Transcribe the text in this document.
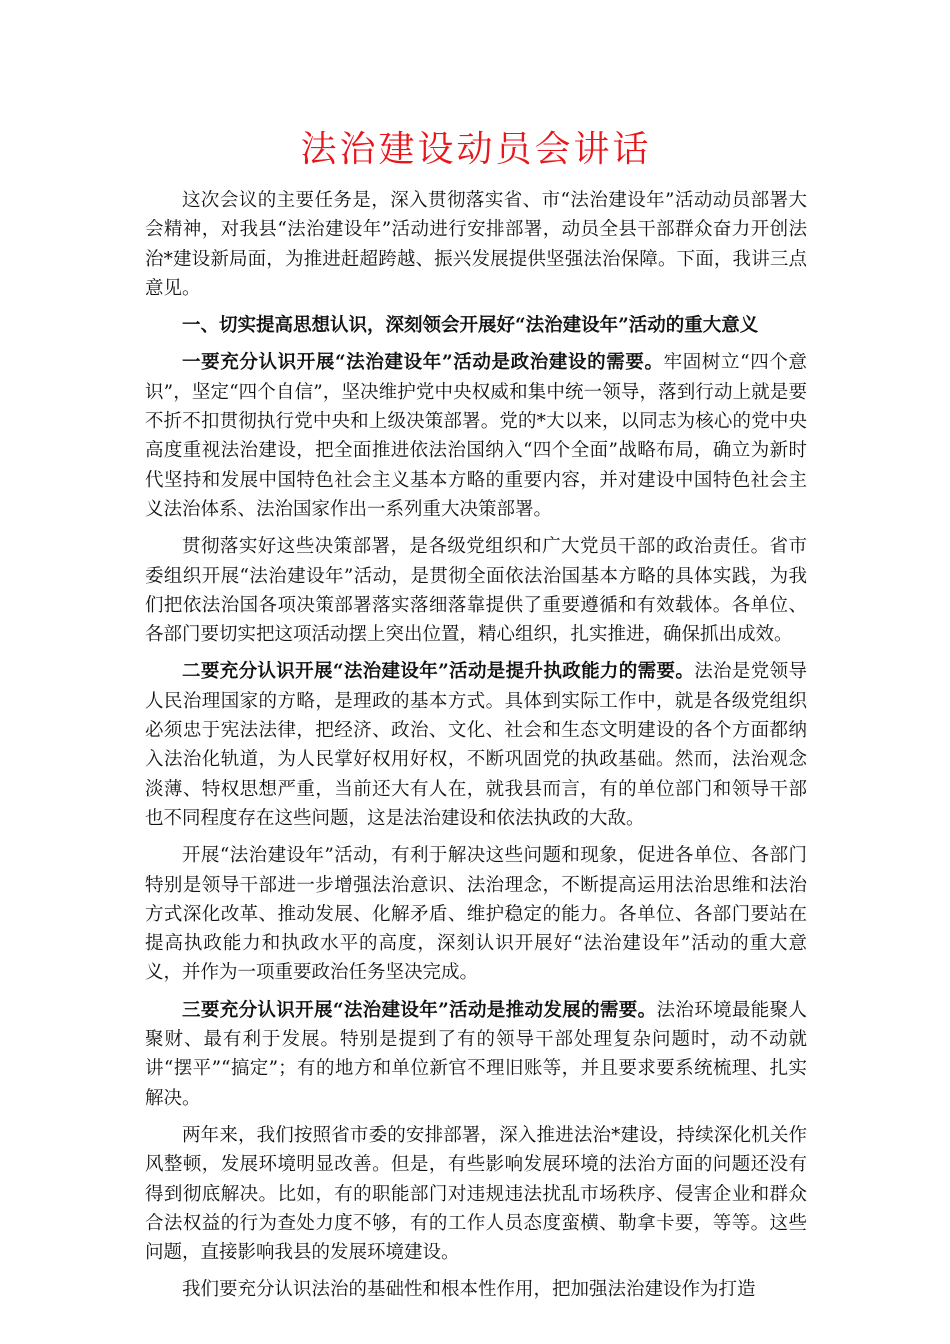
法治建设动员会讲话

这次会议的主要任务是，深入贯彻落实省、市“法治建设年”活动动员部署大会精神，对我县“法治建设年”活动进行安排部署，动员全县干部群众奋力开创法治*建设新局面，为推进赶超跨越、振兴发展提供坚强法治保障。下面，我讲三点意见。

一、切实提高思想认识，深刻领会开展好“法治建设年”活动的重大意义

一要充分认识开展“法治建设年”活动是政治建设的需要。牢固树立“四个意识”，坚定“四个自信”，坚决维护党中央权威和集中统一领导，落到行动上就是要不折不扣贯彻执行党中央和上级决策部署。党的*大以来，以同志为核心的党中央高度重视法治建设，把全面推进依法治国纳入“四个全面”战略布局，确立为新时代坚持和发展中国特色社会主义基本方略的重要内容，并对建设中国特色社会主义法治体系、法治国家作出一系列重大决策部署。

贯彻落实好这些决策部署，是各级党组织和广大党员干部的政治责任。省市委组织开展“法治建设年”活动，是贯彻全面依法治国基本方略的具体实践，为我们把依法治国各项决策部署落实落细落靠提供了重要遵循和有效载体。各单位、各部门要切实把这项活动摆上突出位置，精心组织，扎实推进，确保抓出成效。

二要充分认识开展“法治建设年”活动是提升执政能力的需要。法治是党领导人民治理国家的方略，是理政的基本方式。具体到实际工作中，就是各级党组织必须忠于宪法法律，把经济、政治、文化、社会和生态文明建设的各个方面都纳入法治化轨道，为人民掌好权用好权，不断巩固党的执政基础。然而，法治观念淡薄、特权思想严重，当前还大有人在，就我县而言，有的单位部门和领导干部也不同程度存在这些问题，这是法治建设和依法执政的大敌。

开展“法治建设年”活动，有利于解决这些问题和现象，促进各单位、各部门特别是领导干部进一步增强法治意识、法治理念，不断提高运用法治思维和法治方式深化改革、推动发展、化解矛盾、维护稳定的能力。各单位、各部门要站在提高执政能力和执政水平的高度，深刻认识开展好“法治建设年”活动的重大意义，并作为一项重要政治任务坚决完成。

三要充分认识开展“法治建设年”活动是推动发展的需要。法治环境最能聚人聚财、最有利于发展。特别是提到了有的领导干部处理复杂问题时，动不动就讲“摆平”“搞定”；有的地方和单位新官不理旧账等，并且要求要系统梳理、扎实解决。

两年来，我们按照省市委的安排部署，深入推进法治*建设，持续深化机关作风整顿，发展环境明显改善。但是，有些影响发展环境的法治方面的问题还没有得到彻底解决。比如，有的职能部门对违规违法扰乱市场秩序、侵害企业和群众合法权益的行为查处力度不够，有的工作人员态度蛮横、勒拿卡要，等等。这些问题，直接影响我县的发展环境建设。

我们要充分认识法治的基础性和根本性作用，把加强法治建设作为打造
